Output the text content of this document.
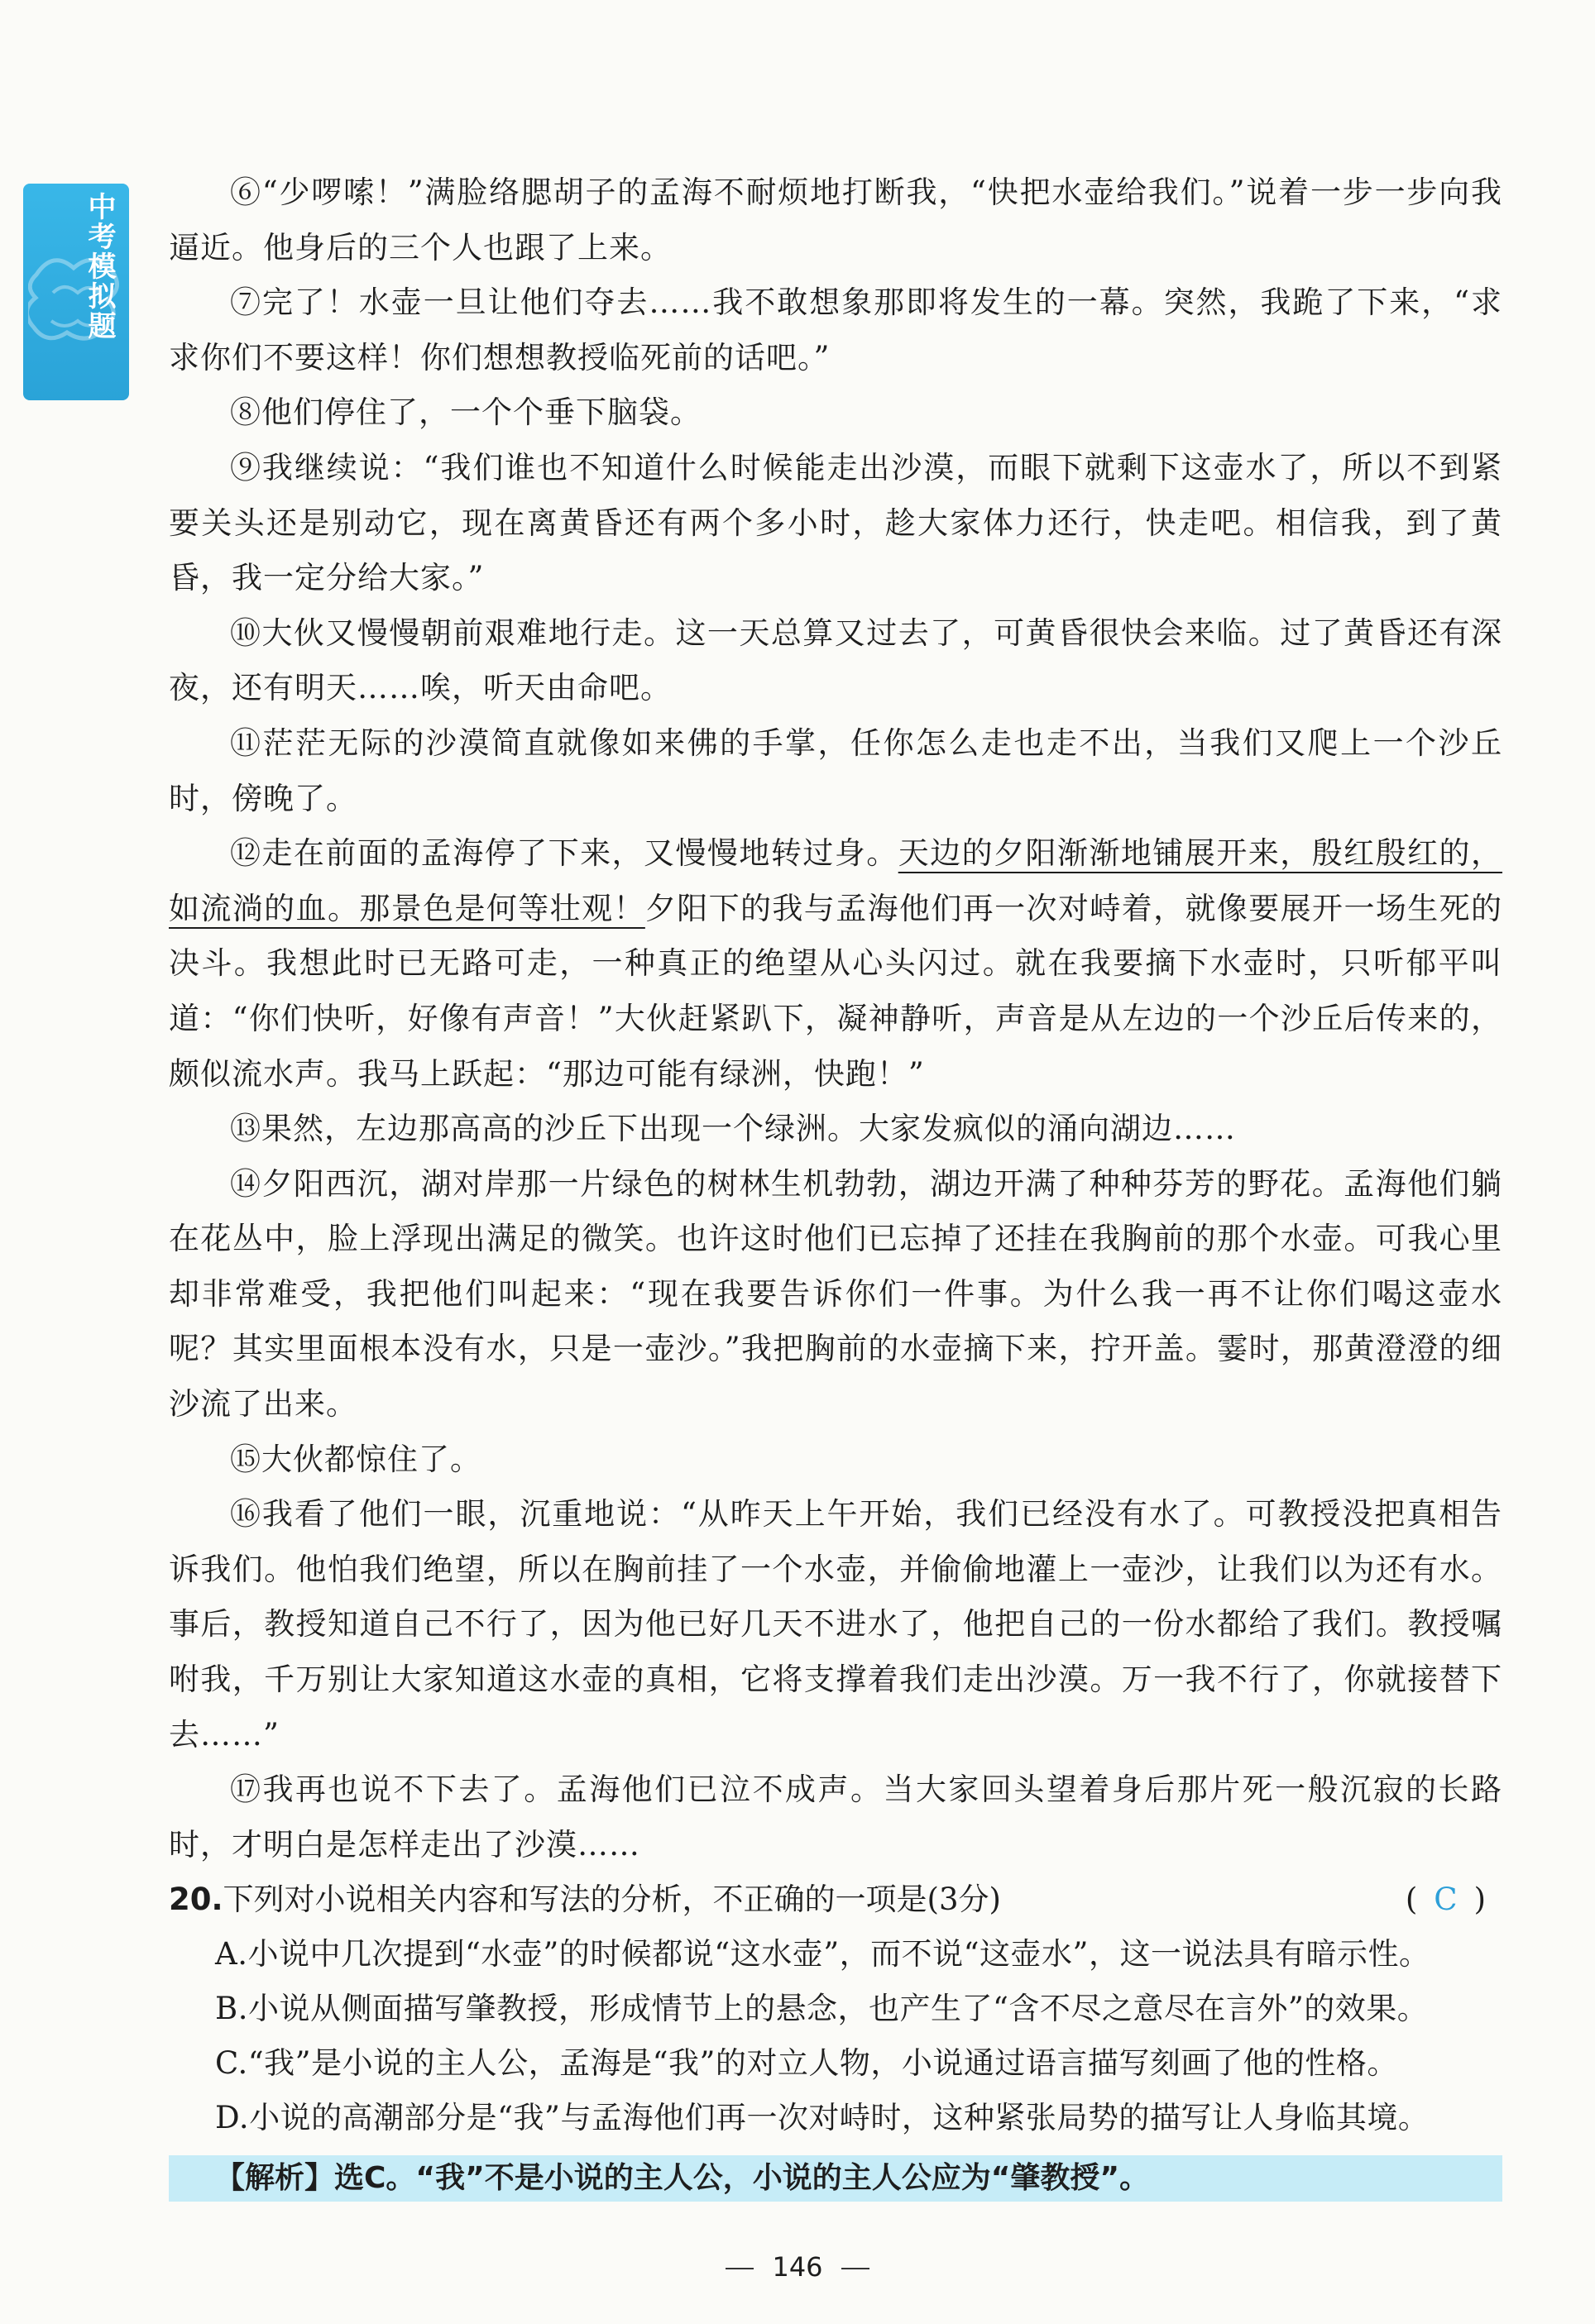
中考模拟题	⑥“少啰嗦！”满脸络腮胡子的孟海不耐烦地打断我，“快把水壶给我们。”说着一步一步向我逼近。他身后的三个人也跟了上来。

⑦完了！水壶一旦让他们夺去……我不敢想象那即将发生的一幕。突然，我跪了下来，“求求你们不要这样！你们想想教授临死前的话吧。”

⑧他们停住了，一个个垂下脑袋。

⑨我继续说：“我们谁也不知道什么时候能走出沙漠，而眼下就剩下这壶水了，所以不到紧要关头还是别动它，现在离黄昏还有两个多小时，趁大家体力还行，快走吧。相信我，到了黄昏，我一定分给大家。”

⑩大伙又慢慢朝前艰难地行走。这一天总算又过去了，可黄昏很快会来临。过了黄昏还有深夜，还有明天……唉，听天由命吧。

⑪茫茫无际的沙漠简直就像如来佛的手掌，任你怎么走也走不出，当我们又爬上一个沙丘时，傍晚了。

⑫走在前面的孟海停了下来，又慢慢地转过身。天边的夕阳渐渐地铺展开来，殷红殷红的，如流淌的血。那景色是何等壮观！夕阳下的我与孟海他们再一次对峙着，就像要展开一场生死的决斗。我想此时已无路可走，一种真正的绝望从心头闪过。就在我要摘下水壶时，只听郁平叫道：“你们快听，好像有声音！”大伙赶紧趴下，凝神静听，声音是从左边的一个沙丘后传来的，颇似流水声。我马上跃起：“那边可能有绿洲，快跑！”

⑬果然，左边那高高的沙丘下出现一个绿洲。大家发疯似的涌向湖边……

⑭夕阳西沉，湖对岸那一片绿色的树林生机勃勃，湖边开满了种种芬芳的野花。孟海他们躺在花丛中，脸上浮现出满足的微笑。也许这时他们已忘掉了还挂在我胸前的那个水壶。可我心里却非常难受，我把他们叫起来：“现在我要告诉你们一件事。为什么我一再不让你们喝这壶水呢？其实里面根本没有水，只是一壶沙。”我把胸前的水壶摘下来，拧开盖。霎时，那黄澄澄的细沙流了出来。

⑮大伙都惊住了。

⑯我看了他们一眼，沉重地说：“从昨天上午开始，我们已经没有水了。可教授没把真相告诉我们。他怕我们绝望，所以在胸前挂了一个水壶，并偷偷地灌上一壶沙，让我们以为还有水。事后，教授知道自己不行了，因为他已好几天不进水了，他把自己的一份水都给了我们。教授嘱咐我，千万别让大家知道这水壶的真相，它将支撑着我们走出沙漠。万一我不行了，你就接替下去……”

⑰我再也说不下去了。孟海他们已泣不成声。当大家回头望着身后那片死一般沉寂的长路时，才明白是怎样走出了沙漠……

20.下列对小说相关内容和写法的分析，不正确的一项是(3分)	(C)

A.小说中几次提到“水壶”的时候都说“这水壶”，而不说“这壶水”，这一说法具有暗示性。

B.小说从侧面描写肇教授，形成情节上的悬念，也产生了“含不尽之意尽在言外”的效果。

C.“我”是小说的主人公，孟海是“我”的对立人物，小说通过语言描写刻画了他的性格。

D.小说的高潮部分是“我”与孟海他们再一次对峙时，这种紧张局势的描写让人身临其境。

【解析】选C。“我”不是小说的主人公，小说的主人公应为“肇教授”。
146
